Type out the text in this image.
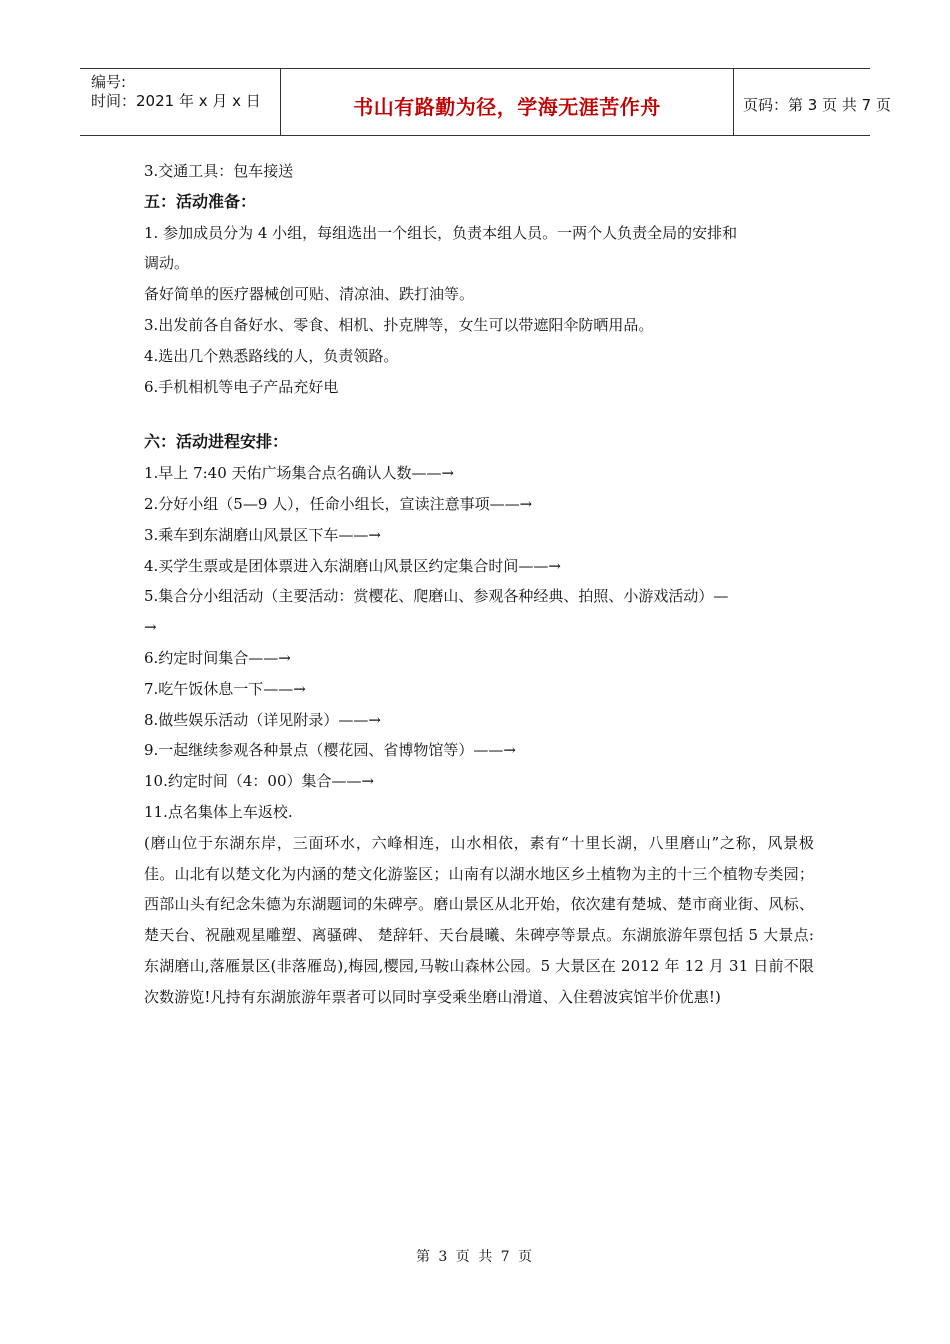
编号:
时间：2021 年 x 月 x 日	书山有路勤为径，学海无涯苦作舟	页码：第 3 页 共 7 页
3.交通工具：包车接送
五：活动准备：
1. 参加成员分为 4 小组，每组选出一个组长，负责本组人员。一两个人负责全局的安排和
调动。
备好简单的医疗器械创可贴、清凉油、跌打油等。
3.出发前各自备好水、零食、相机、扑克牌等，女生可以带遮阳伞防晒用品。
4.选出几个熟悉路线的人，负责领路。
6.手机相机等电子产品充好电
六：活动进程安排：
1.早上 7:40 天佑广场集合点名确认人数——→
2.分好小组（5—9 人），任命小组长，宣读注意事项——→
3.乘车到东湖磨山风景区下车——→
4.买学生票或是团体票进入东湖磨山风景区约定集合时间——→
5.集合分小组活动（主要活动：赏樱花、爬磨山、参观各种经典、拍照、小游戏活动）—
→
6.约定时间集合——→
7.吃午饭休息一下——→
8.做些娱乐活动（详见附录）——→
9.一起继续参观各种景点（樱花园、省博物馆等）——→
10.约定时间（4：00）集合——→
11.点名集体上车返校.
(磨山位于东湖东岸，三面环水，六峰相连，山水相依，素有“十里长湖，八里磨山”之称，风景极佳。山北有以楚文化为内涵的楚文化游鉴区；山南有以湖水地区乡土植物为主的十三个植物专类园；西部山头有纪念朱德为东湖题词的朱碑亭。磨山景区从北开始，依次建有楚城、楚市商业街、风标、楚天台、祝融观星雕塑、离骚碑、 楚辞轩、天台晨曦、朱碑亭等景点。东湖旅游年票包括 5 大景点:东湖磨山,落雁景区(非落雁岛),梅园,樱园,马鞍山森林公园。5 大景区在 2012 年 12 月 31 日前不限次数游览!凡持有东湖旅游年票者可以同时享受乘坐磨山滑道、入住碧波宾馆半价优惠!)
第 3 页 共 7 页
